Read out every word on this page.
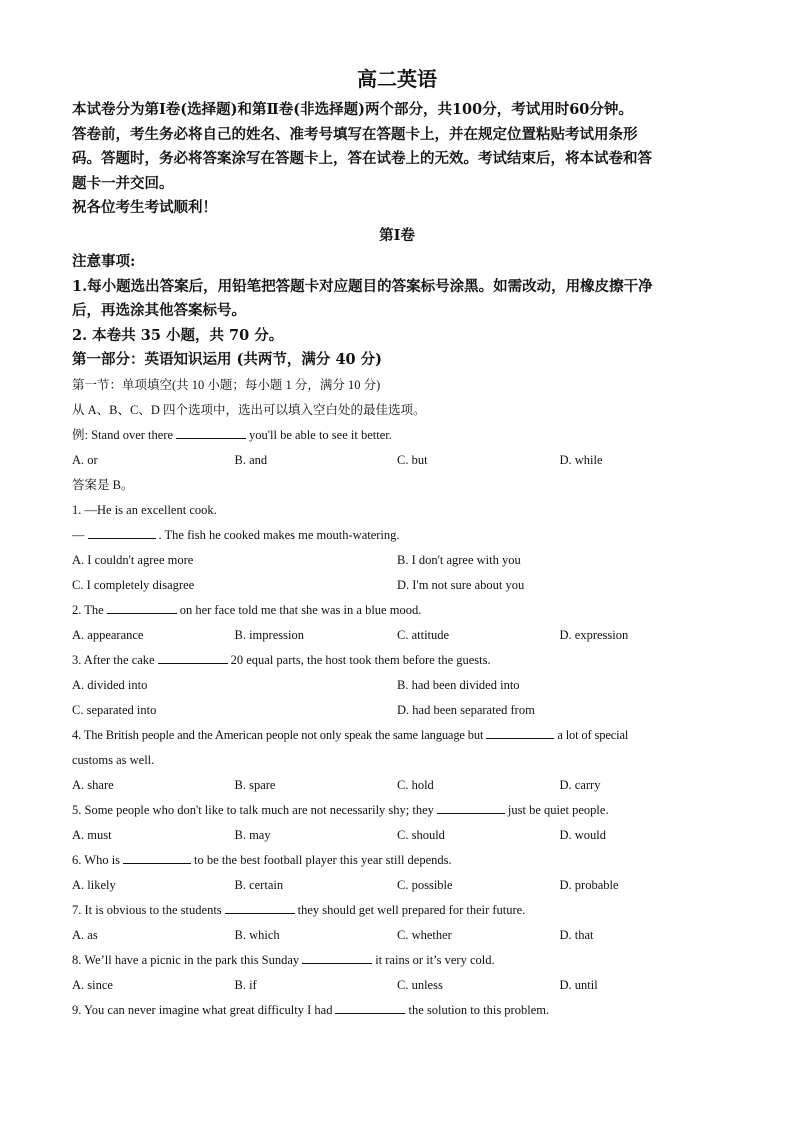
高二英语
本试卷分为第Ⅰ卷(选择题)和第Ⅱ卷(非选择题)两个部分，共100分，考试用时60分钟。
答卷前，考生务必将自己的姓名、准考号填写在答题卡上，并在规定位置粘贴考试用条形
码。答题时，务必将答案涂写在答题卡上，答在试卷上的无效。考试结束后，将本试卷和答
题卡一并交回。
祝各位考生考试顺利！
第Ⅰ卷
注意事项:
1.每小题选出答案后，用铅笔把答题卡对应题目的答案标号涂黑。如需改动，用橡皮擦干净
后，再选涂其他答案标号。
2. 本卷共 35 小题，共 70 分。
第一部分：英语知识运用 (共两节，满分 40 分)
第一节：单项填空(共 10 小题；每小题 1 分，满分 10 分)
从 A、B、C、D 四个选项中，选出可以填入空白处的最佳选项。
例: Stand over there	you'll be able to see it better.
A. or	B. and	C. but	D. while
答案是 B。
1. —He is an excellent cook.
—	. The fish he cooked makes me mouth-watering.
A. I couldn't agree more	B. I don't agree with you
C. I completely disagree	D. I'm not sure about you
2. The	on her face told me that she was in a blue mood.
A. appearance	B. impression	C. attitude	D. expression
3. After the cake	20 equal parts, the host took them before the guests.
A. divided into	B. had been divided into
C. separated into	D. had been separated from
4. The British people and the American people not only speak the same language but	a lot of special
customs as well.
A. share	B. spare	C. hold	D. carry
5. Some people who don't like to talk much are not necessarily shy; they	just be quiet people.
A. must	B. may	C. should	D. would
6. Who is	to be the best football player this year still depends.
A. likely	B. certain	C. possible	D. probable
7. It is obvious to the students	they should get well prepared for their future.
A. as	B. which	C. whether	D. that
8. We’ll have a picnic in the park this Sunday	it rains or it’s very cold.
A. since	B. if	C. unless	D. until
9. You can never imagine what great difficulty I had	the solution to this problem.
